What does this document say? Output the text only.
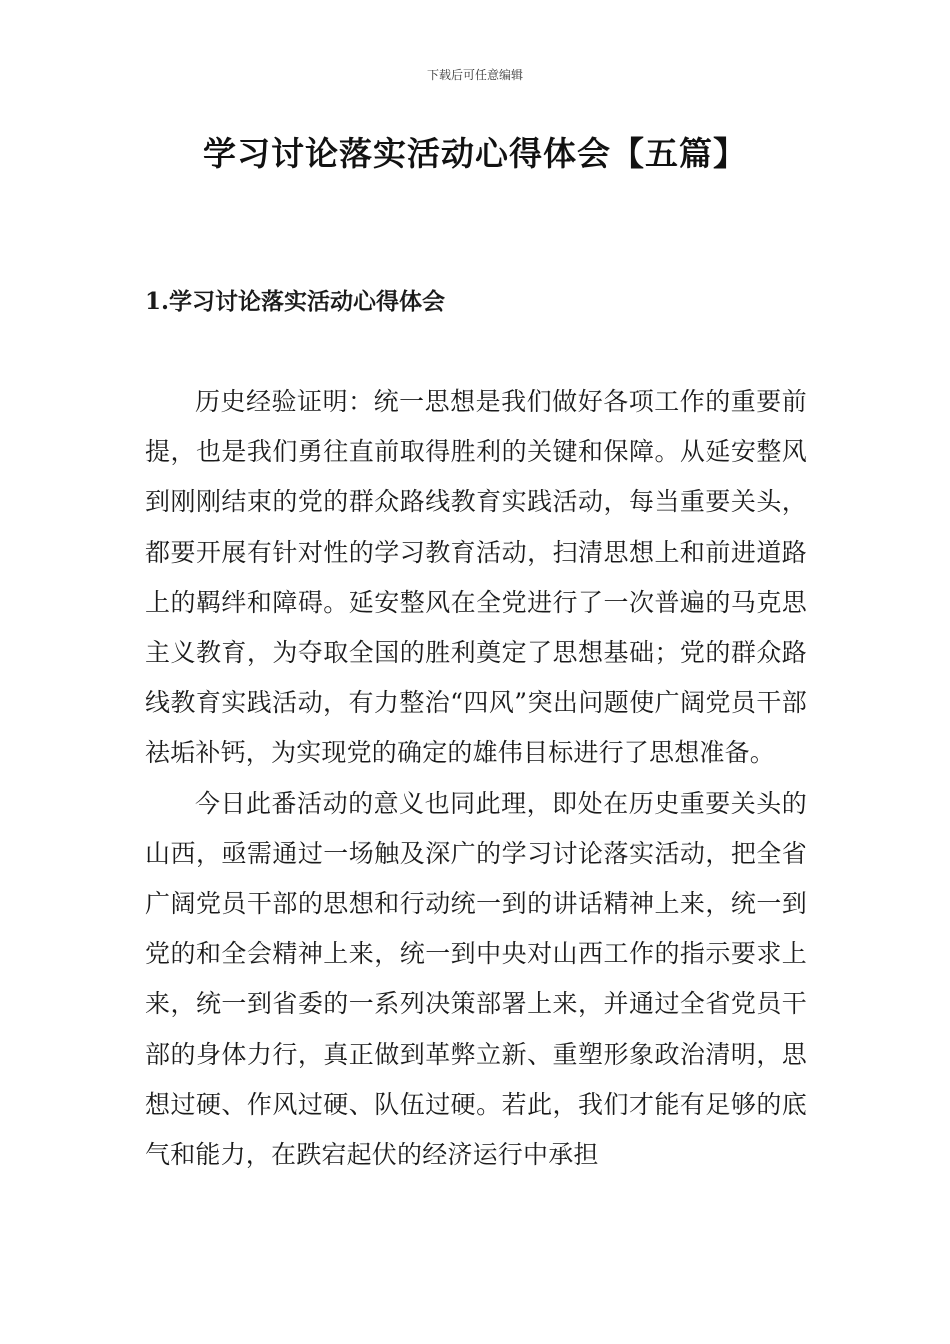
下载后可任意编辑
学习讨论落实活动心得体会【五篇】
1.学习讨论落实活动心得体会

历史经验证明：统一思想是我们做好各项工作的重要前提，也是我们勇往直前取得胜利的关键和保障。从延安整风到刚刚结束的党的群众路线教育实践活动，每当重要关头，都要开展有针对性的学习教育活动，扫清思想上和前进道路上的羁绊和障碍。延安整风在全党进行了一次普遍的马克思主义教育，为夺取全国的胜利奠定了思想基础；党的群众路线教育实践活动，有力整治“四风”突出问题使广阔党员干部祛垢补钙，为实现党的确定的雄伟目标进行了思想准备。

今日此番活动的意义也同此理，即处在历史重要关头的山西，亟需通过一场触及深广的学习讨论落实活动，把全省广阔党员干部的思想和行动统一到的讲话精神上来，统一到党的和全会精神上来，统一到中央对山西工作的指示要求上来，统一到省委的一系列决策部署上来，并通过全省党员干部的身体力行，真正做到革弊立新、重塑形象政治清明，思想过硬、作风过硬、队伍过硬。若此，我们才能有足够的底气和能力，在跌宕起伏的经济运行中承担
